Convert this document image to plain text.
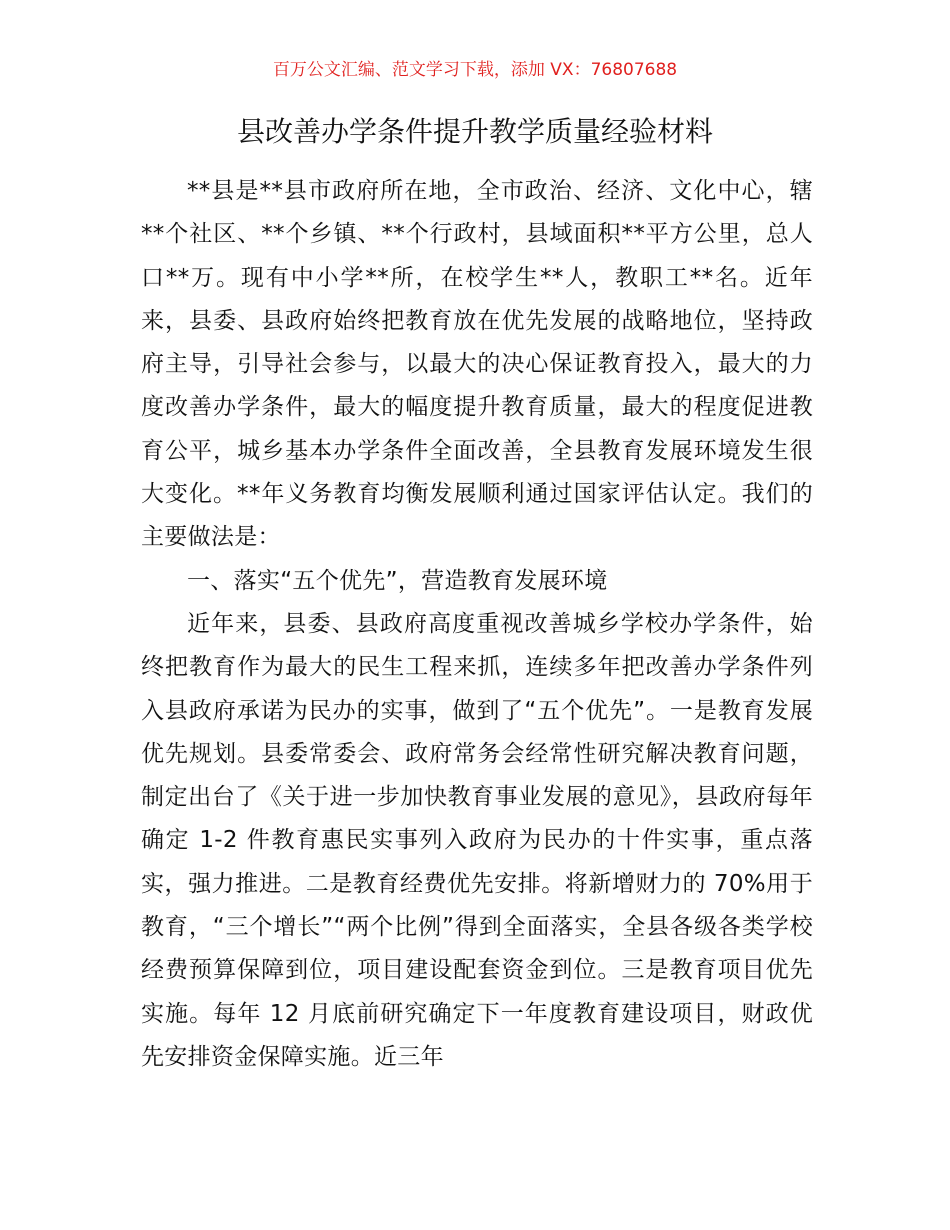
百万公文汇编、范文学习下载，添加 VX：76807688
县改善办学条件提升教学质量经验材料

**县是**县市政府所在地，全市政治、经济、文化中心，辖**个社区、**个乡镇、**个行政村，县域面积**平方公里，总人口**万。现有中小学**所，在校学生**人，教职工**名。近年来，县委、县政府始终把教育放在优先发展的战略地位，坚持政府主导，引导社会参与，以最大的决心保证教育投入，最大的力度改善办学条件，最大的幅度提升教育质量，最大的程度促进教育公平，城乡基本办学条件全面改善，全县教育发展环境发生很大变化。**年义务教育均衡发展顺利通过国家评估认定。我们的主要做法是：

一、落实“五个优先”，营造教育发展环境

近年来，县委、县政府高度重视改善城乡学校办学条件，始终把教育作为最大的民生工程来抓，连续多年把改善办学条件列入县政府承诺为民办的实事，做到了“五个优先”。一是教育发展优先规划。县委常委会、政府常务会经常性研究解决教育问题，制定出台了《关于进一步加快教育事业发展的意见》，县政府每年确定 1-2 件教育惠民实事列入政府为民办的十件实事，重点落实，强力推进。二是教育经费优先安排。将新增财力的 70%用于教育，“三个增长”“两个比例”得到全面落实，全县各级各类学校经费预算保障到位，项目建设配套资金到位。三是教育项目优先实施。每年 12 月底前研究确定下一年度教育建设项目，财政优先安排资金保障实施。近三年
